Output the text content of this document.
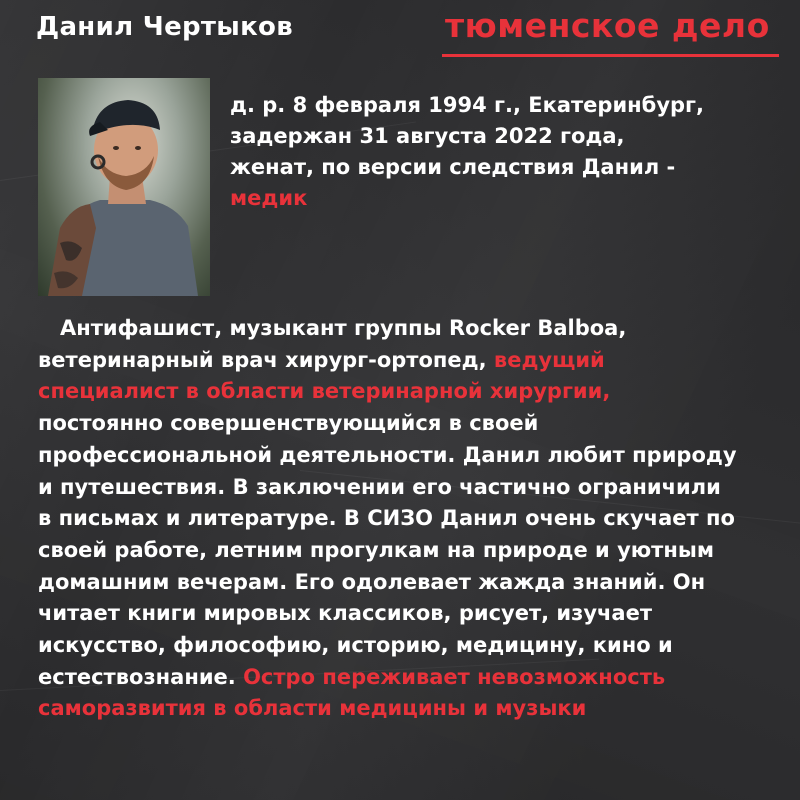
Данил Чертыков	тюменское дело
д. р. 8 февраля 1994 г., Екатеринбург,
задержан 31 августа 2022 года,
женат, по версии следствия Данил -
медик
Антифашист, музыкант группы Rocker Balboa,
ветеринарный врач хирург-ортопед, ведущий
специалист в области ветеринарной хирургии,
постоянно совершенствующийся в своей
профессиональной деятельности. Данил любит природу
и путешествия. В заключении его частично ограничили
в письмах и литературе. В СИЗО Данил очень скучает по
своей работе, летним прогулкам на природе и уютным
домашним вечерам. Его одолевает жажда знаний. Он
читает книги мировых классиков, рисует, изучает
искусство, философию, историю, медицину, кино и
естествознание. Остро переживает невозможность
саморазвития в области медицины и музыки
